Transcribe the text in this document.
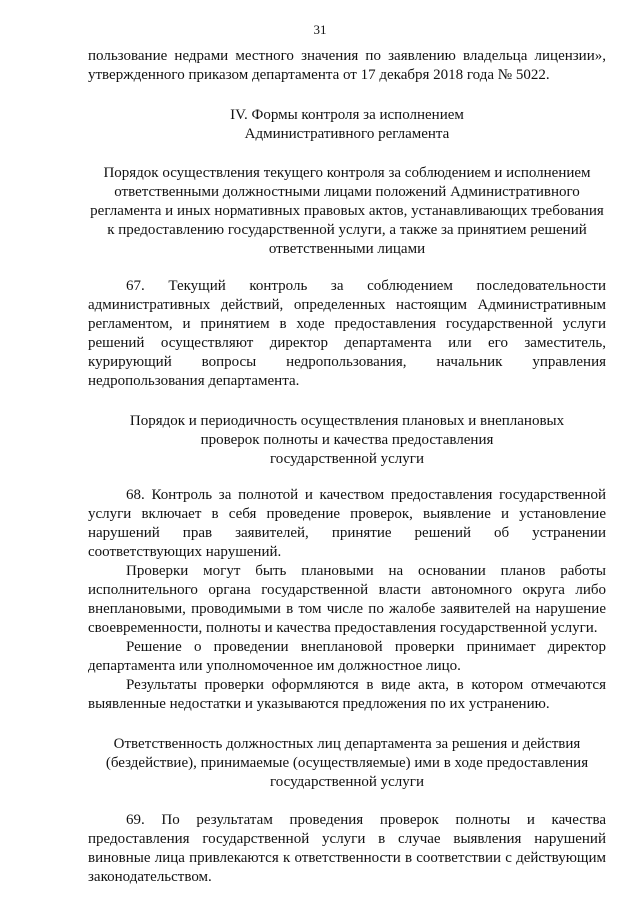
31

пользование недрами местного значения по заявлению владельца лицензии»,
утвержденного приказом департамента от 17 декабря 2018 года № 5022.

IV. Формы контроля за исполнением
Административного регламента
Порядок осуществления текущего контроля за соблюдением и исполнением
ответственными должностными лицами положений Административного
регламента и иных нормативных правовых актов, устанавливающих требования
к предоставлению государственной услуги, а также за принятием решений
ответственными лицами

67. Текущий контроль за соблюдением последовательности
административных действий, определенных настоящим Административным
регламентом, и принятием в ходе предоставления государственной услуги
решений осуществляют директор департамента или его заместитель,
курирующий вопросы недропользования, начальник управления
недропользования департамента.

Порядок и периодичность осуществления плановых и внеплановых
проверок полноты и качества предоставления
государственной услуги

68. Контроль за полнотой и качеством предоставления государственной
услуги включает в себя проведение проверок, выявление и установление
нарушений прав заявителей, принятие решений об устранении
соответствующих нарушений.

Проверки могут быть плановыми на основании планов работы
исполнительного органа государственной власти автономного округа либо
внеплановыми, проводимыми в том числе по жалобе заявителей на нарушение
своевременности, полноты и качества предоставления государственной услуги.

Решение о проведении внеплановой проверки принимает директор
департамента или уполномоченное им должностное лицо.

Результаты проверки оформляются в виде акта, в котором отмечаются
выявленные недостатки и указываются предложения по их устранению.

Ответственность должностных лиц департамента за решения и действия
(бездействие), принимаемые (осуществляемые) ими в ходе предоставления
государственной услуги

69. По результатам проведения проверок полноты и качества
предоставления государственной услуги в случае выявления нарушений
виновные лица привлекаются к ответственности в соответствии с действующим
законодательством.
